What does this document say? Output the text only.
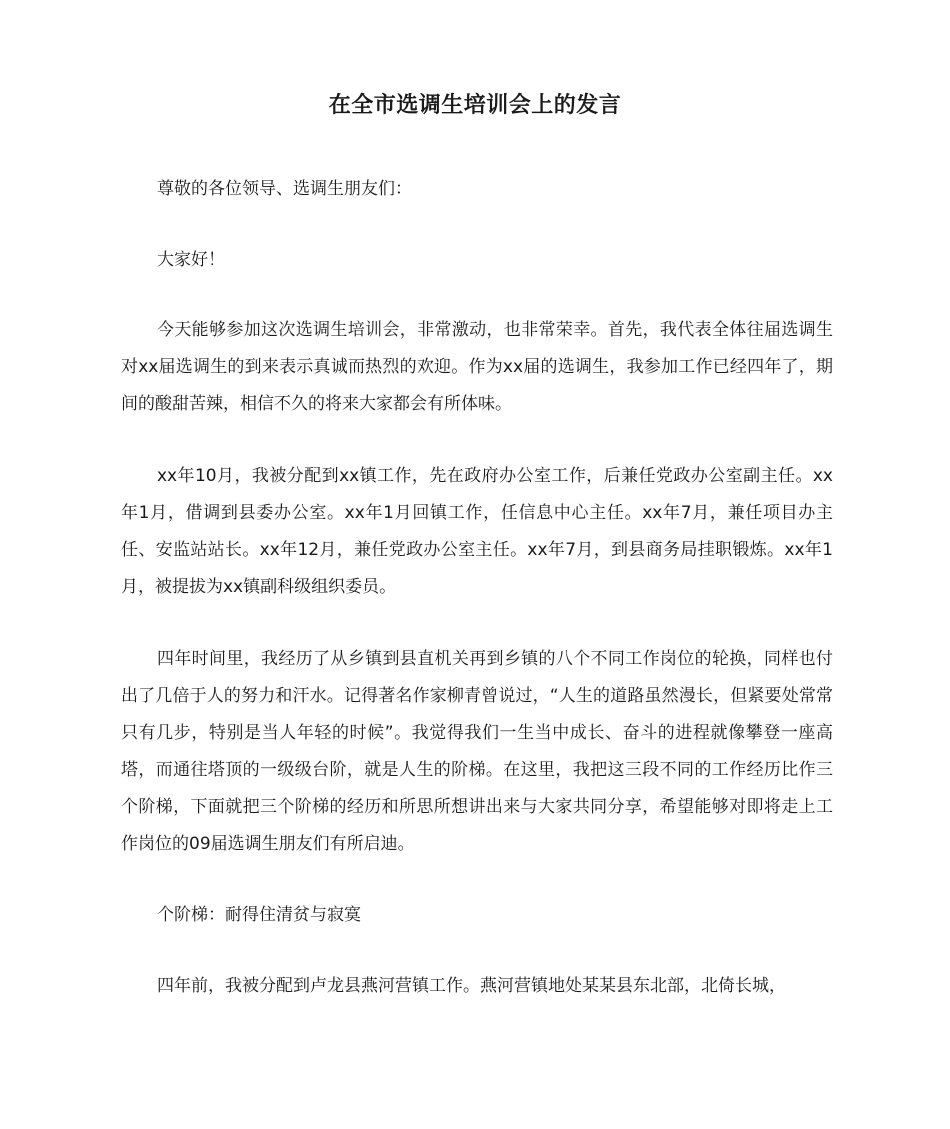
在全市选调生培训会上的发言

尊敬的各位领导、选调生朋友们：

大家好！

今天能够参加这次选调生培训会，非常激动，也非常荣幸。首先，我代表全体往届选调生对xx届选调生的到来表示真诚而热烈的欢迎。作为xx届的选调生，我参加工作已经四年了，期间的酸甜苦辣，相信不久的将来大家都会有所体味。

xx年10月，我被分配到xx镇工作，先在政府办公室工作，后兼任党政办公室副主任。xx年1月，借调到县委办公室。xx年1月回镇工作，任信息中心主任。xx年7月，兼任项目办主任、安监站站长。xx年12月，兼任党政办公室主任。xx年7月，到县商务局挂职锻炼。xx年1月，被提拔为xx镇副科级组织委员。

四年时间里，我经历了从乡镇到县直机关再到乡镇的八个不同工作岗位的轮换，同样也付出了几倍于人的努力和汗水。记得著名作家柳青曾说过，“人生的道路虽然漫长，但紧要处常常只有几步，特别是当人年轻的时候”。我觉得我们一生当中成长、奋斗的进程就像攀登一座高塔，而通往塔顶的一级级台阶，就是人生的阶梯。在这里，我把这三段不同的工作经历比作三个阶梯，下面就把三个阶梯的经历和所思所想讲出来与大家共同分享，希望能够对即将走上工作岗位的09届选调生朋友们有所启迪。

个阶梯：耐得住清贫与寂寞

四年前，我被分配到卢龙县燕河营镇工作。燕河营镇地处某某县东北部，北倚长城，
